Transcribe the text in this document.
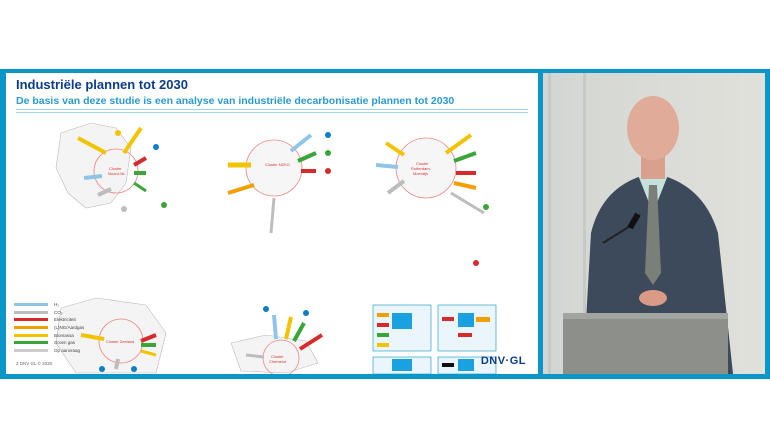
Industriële plannen tot 2030
De basis van deze studie is een analyse van industriële decarbonisatie plannen tot 2030
Cluster
Noord-NL
Cluster NZKG	Cluster
Rotterdam-
Moerdijk
Cluster Zeeland
Cluster
Chemelot
H₂
CO₂
Elektriciteit
(L)NG/Aardgas
Biomassa
Groen gas
Op aanvraag
2 DNV GL © 2020	DNV·GL
